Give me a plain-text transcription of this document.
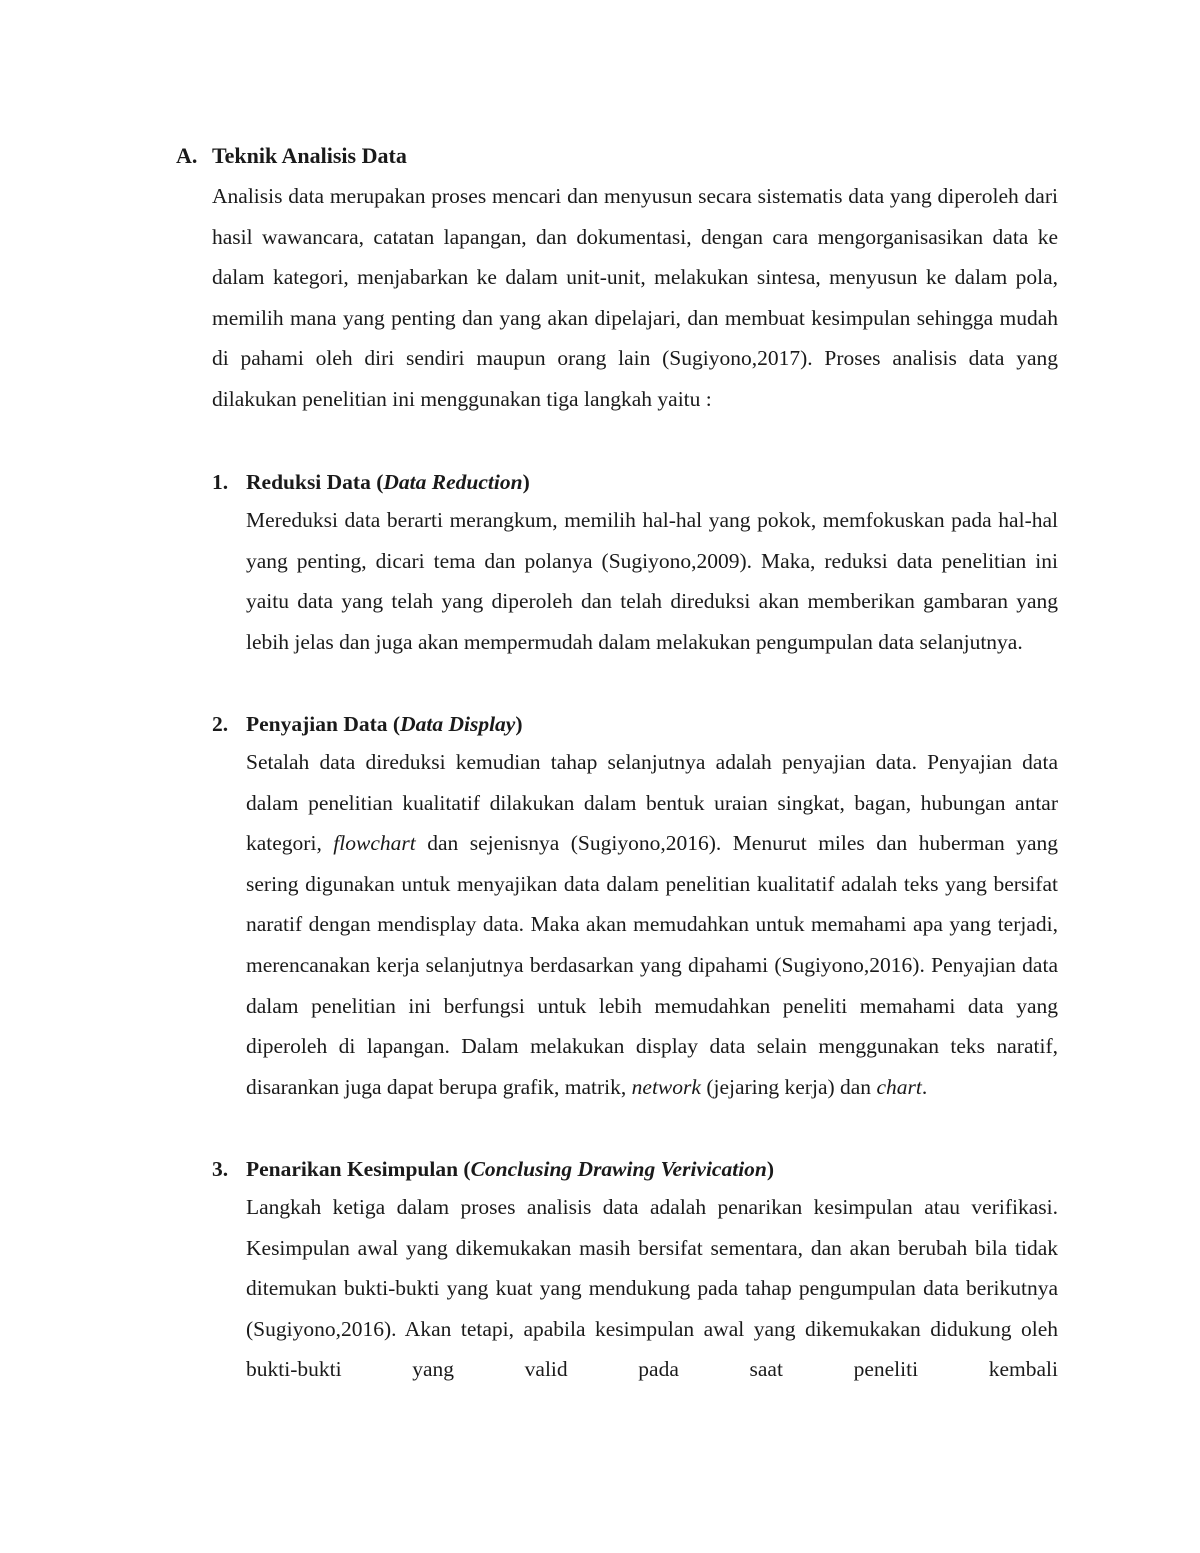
A. Teknik Analisis Data

Analisis data merupakan proses mencari dan menyusun secara sistematis data yang diperoleh dari hasil wawancara, catatan lapangan, dan dokumentasi, dengan cara mengorganisasikan data ke dalam kategori, menjabarkan ke dalam unit-unit, melakukan sintesa, menyusun ke dalam pola, memilih mana yang penting dan yang akan dipelajari, dan membuat kesimpulan sehingga mudah di pahami oleh diri sendiri maupun orang lain (Sugiyono,2017). Proses analisis data yang dilakukan penelitian ini menggunakan tiga langkah yaitu :

1. Reduksi Data (Data Reduction)

Mereduksi data berarti merangkum, memilih hal-hal yang pokok, memfokuskan pada hal-hal yang penting, dicari tema dan polanya (Sugiyono,2009). Maka, reduksi data penelitian ini yaitu data yang telah yang diperoleh dan telah direduksi akan memberikan gambaran yang lebih jelas dan juga akan mempermudah dalam melakukan pengumpulan data selanjutnya.

2. Penyajian Data (Data Display)

Setalah data direduksi kemudian tahap selanjutnya adalah penyajian data. Penyajian data dalam penelitian kualitatif dilakukan dalam bentuk uraian singkat, bagan, hubungan antar kategori, flowchart dan sejenisnya (Sugiyono,2016). Menurut miles dan huberman yang sering digunakan untuk menyajikan data dalam penelitian kualitatif adalah teks yang bersifat naratif dengan mendisplay data. Maka akan memudahkan untuk memahami apa yang terjadi, merencanakan kerja selanjutnya berdasarkan yang dipahami (Sugiyono,2016). Penyajian data dalam penelitian ini berfungsi untuk lebih memudahkan peneliti memahami data yang diperoleh di lapangan. Dalam melakukan display data selain menggunakan teks naratif, disarankan juga dapat berupa grafik, matrik, network (jejaring kerja) dan chart.

3. Penarikan Kesimpulan (Conclusing Drawing Verivication)

Langkah ketiga dalam proses analisis data adalah penarikan kesimpulan atau verifikasi. Kesimpulan awal yang dikemukakan masih bersifat sementara, dan akan berubah bila tidak ditemukan bukti-bukti yang kuat yang mendukung pada tahap pengumpulan data berikutnya (Sugiyono,2016). Akan tetapi, apabila kesimpulan awal yang dikemukakan didukung oleh bukti-bukti yang valid pada saat peneliti kembali
